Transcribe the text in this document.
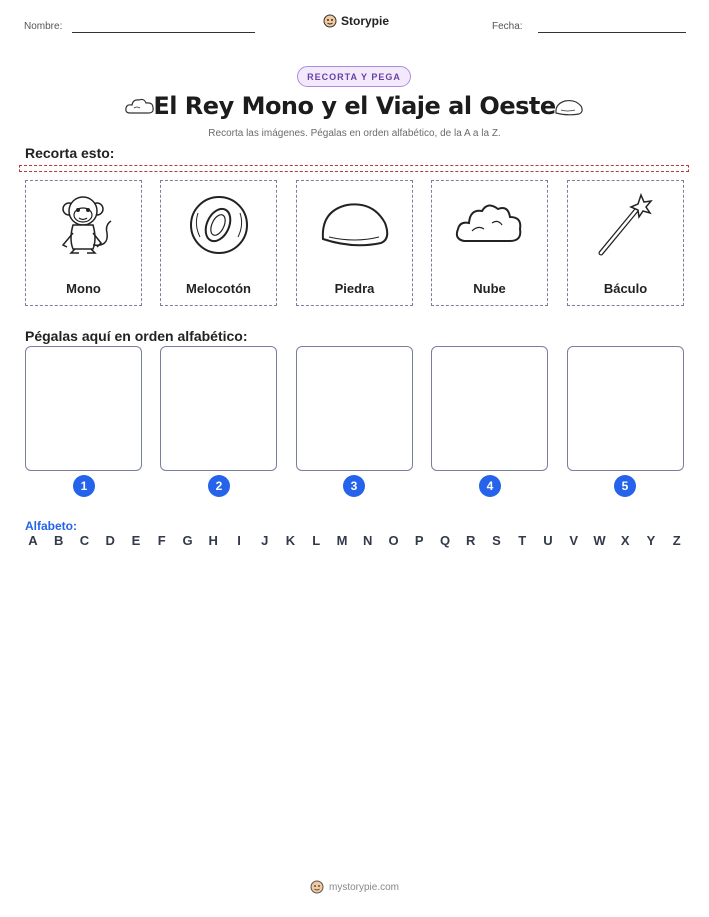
Nombre:	Storypie	Fecha:
RECORTA Y PEGA
El Rey Mono y el Viaje al Oeste
Recorta las imágenes. Pégalas en orden alfabético, de la A a la Z.
Recorta esto:
Mono	Melocotón	Piedra	Nube	Báculo
Pégalas aquí en orden alfabético:
1	2	3	4	5
Alfabeto:
A B C D E	F	G H	I	J	K	L	M N O P Q R S	T	U V W X Y	Z
mystorypie.com
